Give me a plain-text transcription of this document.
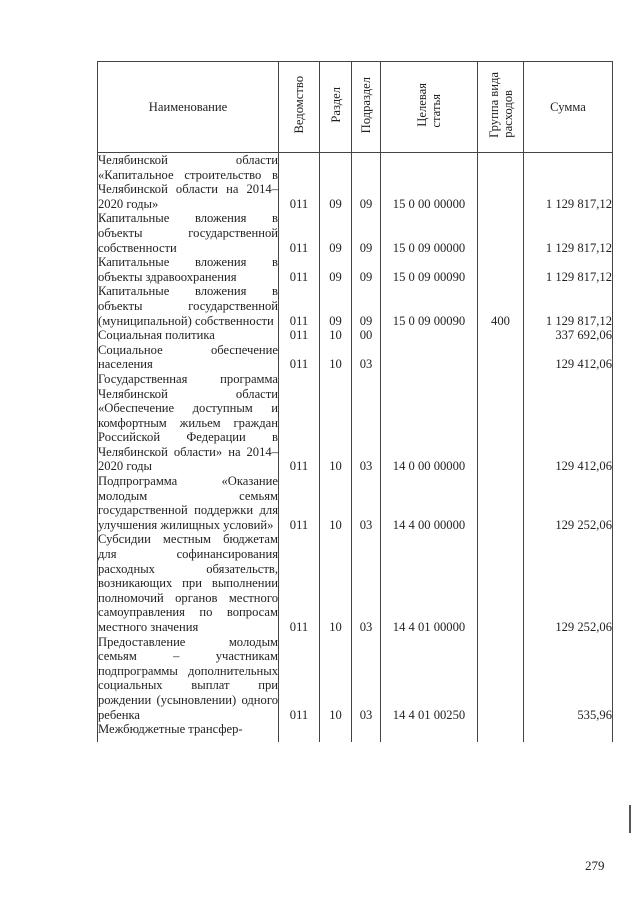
Наименование	Ведомство	Раздел	Подраздел	Целеваястатья	Группа видарасходов	Сумма
Челябинской области «Капитальное строительство в Челябинской области на 2014–2020 годы»	011	09	09	15 0 00 00000		1 129 817,12
Капитальные вложения в объекты государственной собственности	011	09	09	15 0 09 00000		1 129 817,12
Капитальные вложения в объекты здравоохранения	011	09	09	15 0 09 00090		1 129 817,12
Капитальные вложения в объекты государственной (муниципальной) собственности	011	09	09	15 0 09 00090	400	1 129 817,12
Социальная политика	011	10	00			337 692,06
Социальное обеспечение населения	011	10	03			129 412,06
Государственная программа Челябинской области «Обеспечение доступным и комфортным жильем граждан Российской Федерации в Челябинской области» на 2014–2020 годы	011	10	03	14 0 00 00000		129 412,06
Подпрограмма «Оказание молодым семьям государственной поддержки для улучшения жилищных условий»	011	10	03	14 4 00 00000		129 252,06
Субсидии местным бюджетам для софинансирования расходных обязательств, возникающих при выполнении полномочий органов местного самоуправления по вопросам местного значения	011	10	03	14 4 01 00000		129 252,06
Предоставление молодым семьям – участникам подпрограммы дополнительных социальных выплат при рождении (усыновлении) одного ребенка	011	10	03	14 4 01 00250		535,96
Межбюджетные трансфер-						
279
